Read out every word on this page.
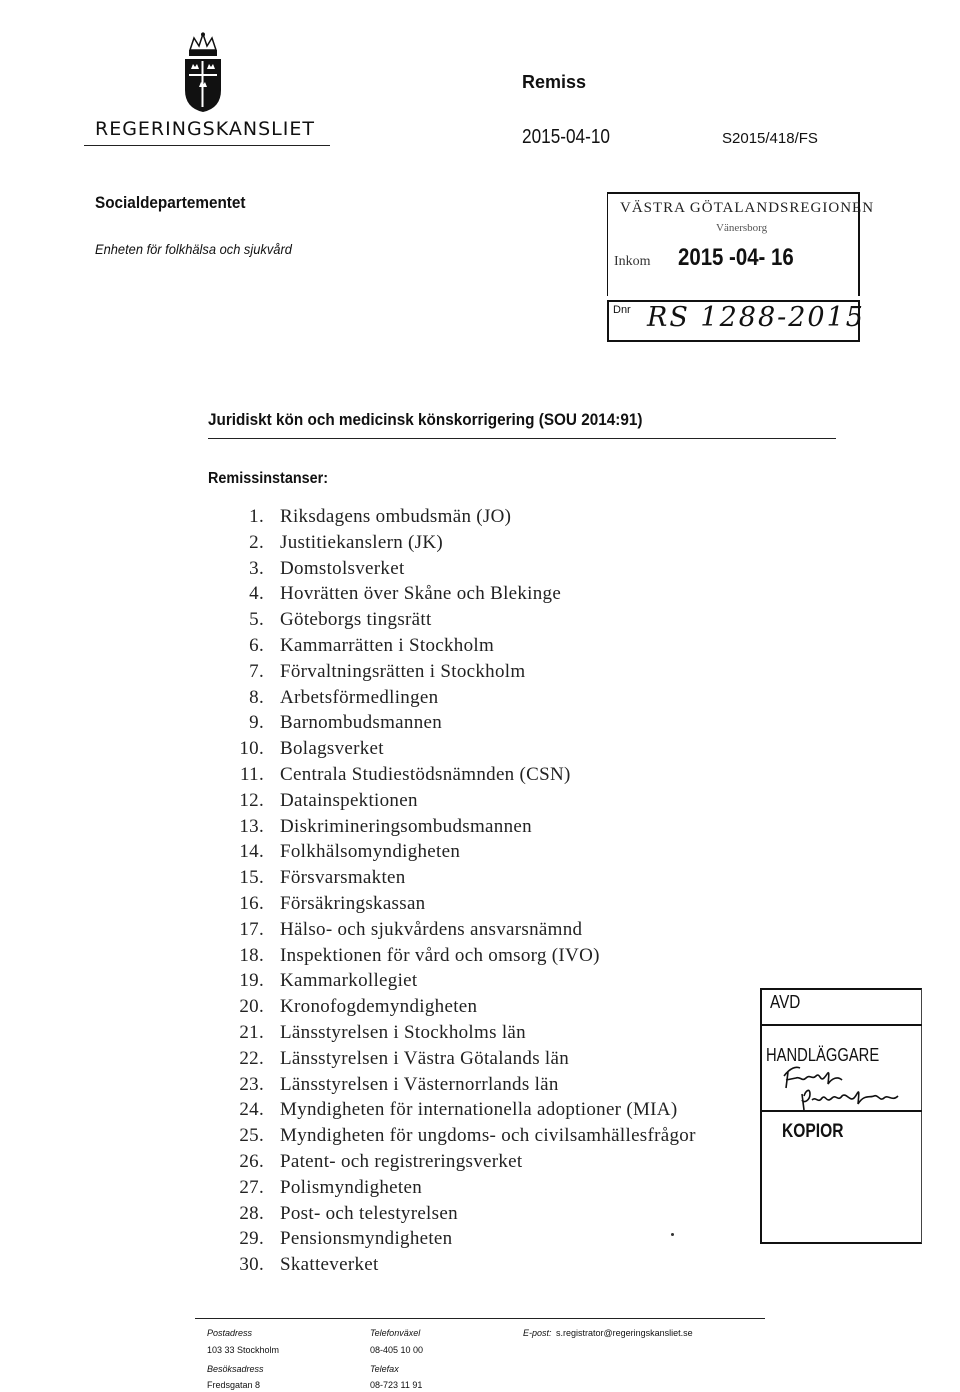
REGERINGSKANSLIET
Remiss
2015-04-10	S2015/418/FS
Socialdepartementet
Enheten för folkhälsa och sjukvård
VÄSTRA GÖTALANDSREGIONEN
Vänersborg
Inkom 2015 -04- 16
Dnr RS 1288-2015
Juridiskt kön och medicinsk könskorrigering (SOU 2014:91)
Remissinstanser:
1. Riksdagens ombudsmän (JO)
2. Justitiekanslern (JK)
3. Domstolsverket
4. Hovrätten över Skåne och Blekinge
5. Göteborgs tingsrätt
6. Kammarrätten i Stockholm
7. Förvaltningsrätten i Stockholm
8. Arbetsförmedlingen
9. Barnombudsmannen
10. Bolagsverket
11. Centrala Studiestödsnämnden (CSN)
12. Datainspektionen
13. Diskrimineringsombudsmannen
14. Folkhälsomyndigheten
15. Försvarsmakten
16. Försäkringskassan
17. Hälso- och sjukvårdens ansvarsnämnd
18. Inspektionen för vård och omsorg (IVO)
19. Kammarkollegiet
20. Kronofogdemyndigheten
21. Länsstyrelsen i Stockholms län
22. Länsstyrelsen i Västra Götalands län
23. Länsstyrelsen i Västernorrlands län
24. Myndigheten för internationella adoptioner (MIA)
25. Myndigheten för ungdoms- och civilsamhällesfrågor
26. Patent- och registreringsverket
27. Polismyndigheten
28. Post- och telestyrelsen
29. Pensionsmyndigheten
30. Skatteverket
AVD
HANDLÄGGARE
KOPIOR
Postadress
103 33 Stockholm
Besöksadress
Fredsgatan 8
Telefonväxel
08-405 10 00
Telefax
08-723 11 91
E-post: s.registrator@regeringskansliet.se
